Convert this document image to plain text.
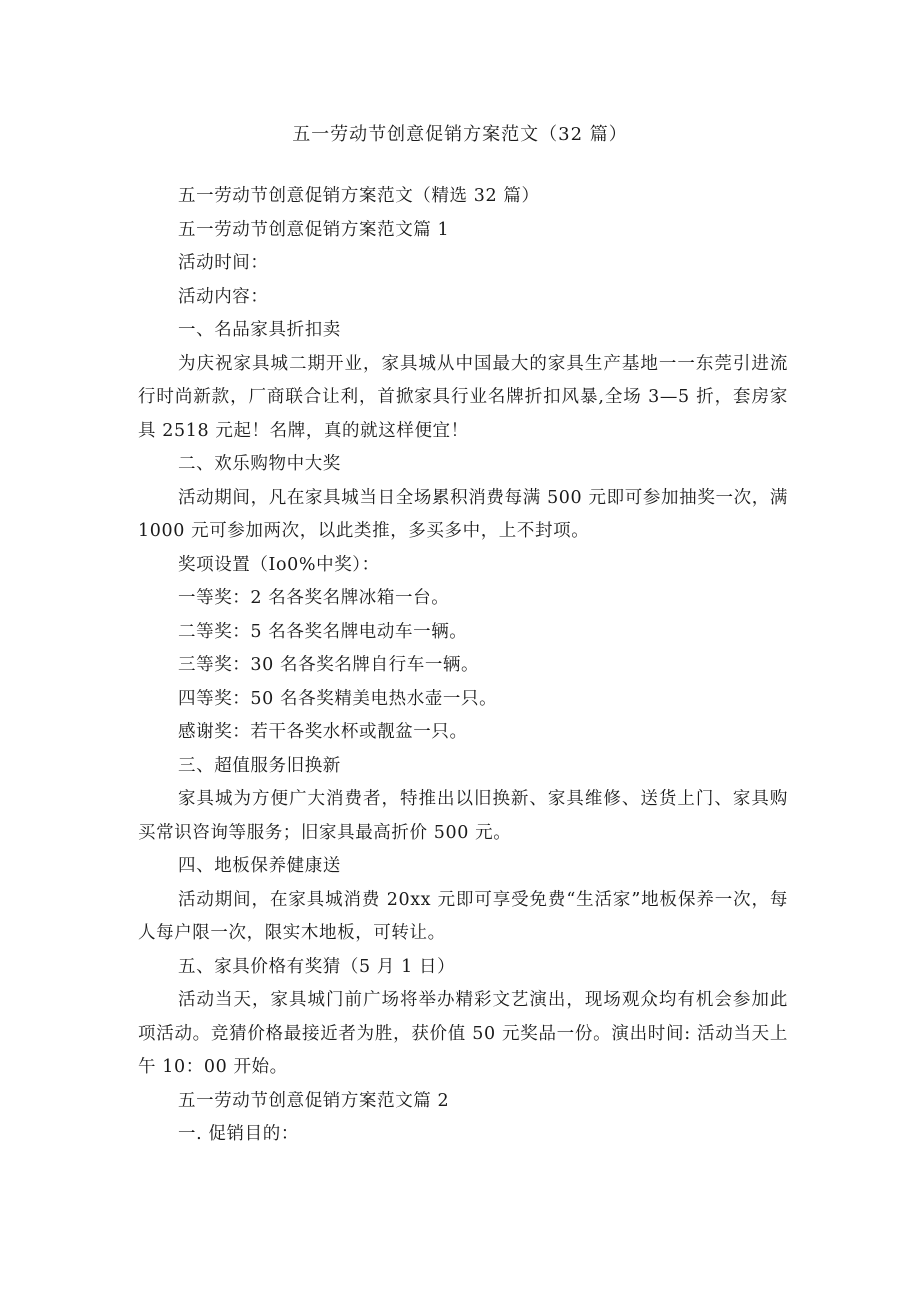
五一劳动节创意促销方案范文（32 篇）

五一劳动节创意促销方案范文（精选 32 篇）

五一劳动节创意促销方案范文篇 1

活动时间：

活动内容：

一、名品家具折扣卖

为庆祝家具城二期开业，家具城从中国最大的家具生产基地一一东莞引进流行时尚新款，厂商联合让利，首掀家具行业名牌折扣风暴,全场 3—5 折，套房家具 2518 元起！名牌，真的就这样便宜！

二、欢乐购物中大奖

活动期间，凡在家具城当日全场累积消费每满 500 元即可参加抽奖一次，满 1000 元可参加两次，以此类推，多买多中，上不封项。

奖项设置（Io0%中奖）：

一等奖：2 名各奖名牌冰箱一台。

二等奖：5 名各奖名牌电动车一辆。

三等奖：30 名各奖名牌自行车一辆。

四等奖：50 名各奖精美电热水壶一只。

感谢奖：若干各奖水杯或靓盆一只。

三、超值服务旧换新

家具城为方便广大消费者，特推出以旧换新、家具维修、送货上门、家具购买常识咨询等服务；旧家具最高折价 500 元。

四、地板保养健康送

活动期间，在家具城消费 20xx 元即可享受免费“生活家”地板保养一次，每人每户限一次，限实木地板，可转让。

五、家具价格有奖猜（5 月 1 日）

活动当天，家具城门前广场将举办精彩文艺演出，现场观众均有机会参加此项活动。竞猜价格最接近者为胜，获价值 50 元奖品一份。演出时间: 活动当天上午 10：00 开始。

五一劳动节创意促销方案范文篇 2

一. 促销目的：
